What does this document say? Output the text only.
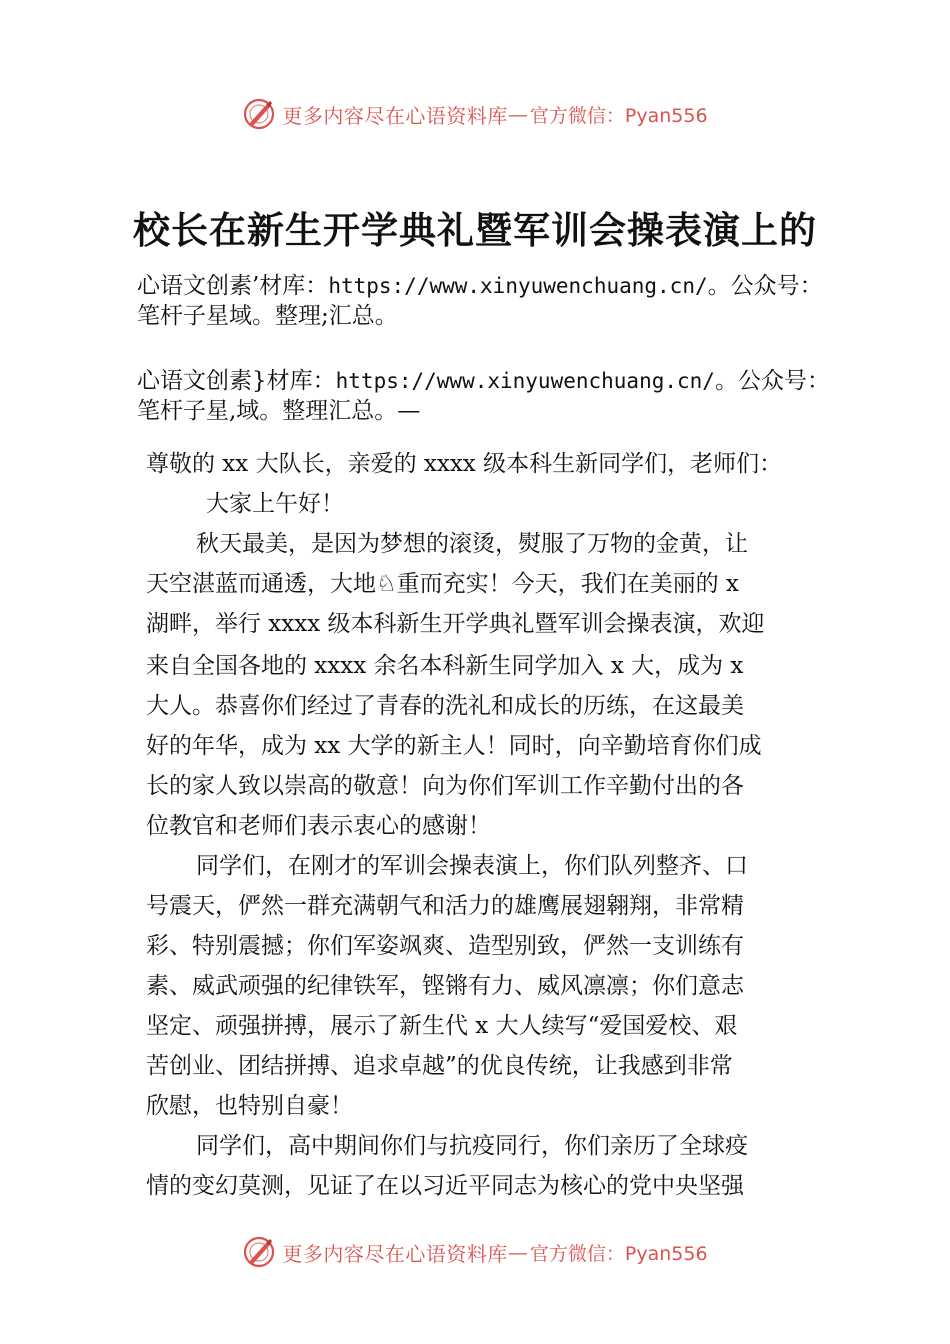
更多内容尽在心语资料库 — 官方微信：Pyan556
校长在新生开学典礼暨军训会操表演上的
心语文创素’材库：https://www.xinyuwenchuang.cn/。公众号：
笔杆子星域。整理;汇总。
心语文创素}材库：https://www.xinyuwenchuang.cn/。公众号：
笔杆子星,域。整理汇总。—
尊敬的 xx 大队长，亲爱的 xxxx 级本科生新同学们，老师们：
大家上午好！
秋天最美，是因为梦想的滚烫，熨服了万物的金黄，让
天空湛蓝而通透，大地♘重而充实！今天，我们在美丽的 x
湖畔，举行 xxxx 级本科新生开学典礼暨军训会操表演，欢迎
来自全国各地的 xxxx 余名本科新生同学加入 x 大，成为 x
大人。恭喜你们经过了青春的洗礼和成长的历练，在这最美
好的年华，成为 xx 大学的新主人！同时，向辛勤培育你们成
长的家人致以崇高的敬意！向为你们军训工作辛勤付出的各
位教官和老师们表示衷心的感谢！
同学们，在刚才的军训会操表演上，你们队列整齐、口
号震天，俨然一群充满朝气和活力的雄鹰展翅翱翔，非常精
彩、特别震撼；你们军姿飒爽、造型别致，俨然一支训练有
素、威武顽强的纪律铁军，铿锵有力、威风凛凛；你们意志
坚定、顽强拼搏，展示了新生代 x 大人续写“爱国爱校、艰
苦创业、团结拼搏、追求卓越”的优良传统，让我感到非常
欣慰，也特别自豪！
同学们，高中期间你们与抗疫同行，你们亲历了全球疫
情的变幻莫测，见证了在以习近平同志为核心的党中央坚强
更多内容尽在心语资料库 — 官方微信：Pyan556
